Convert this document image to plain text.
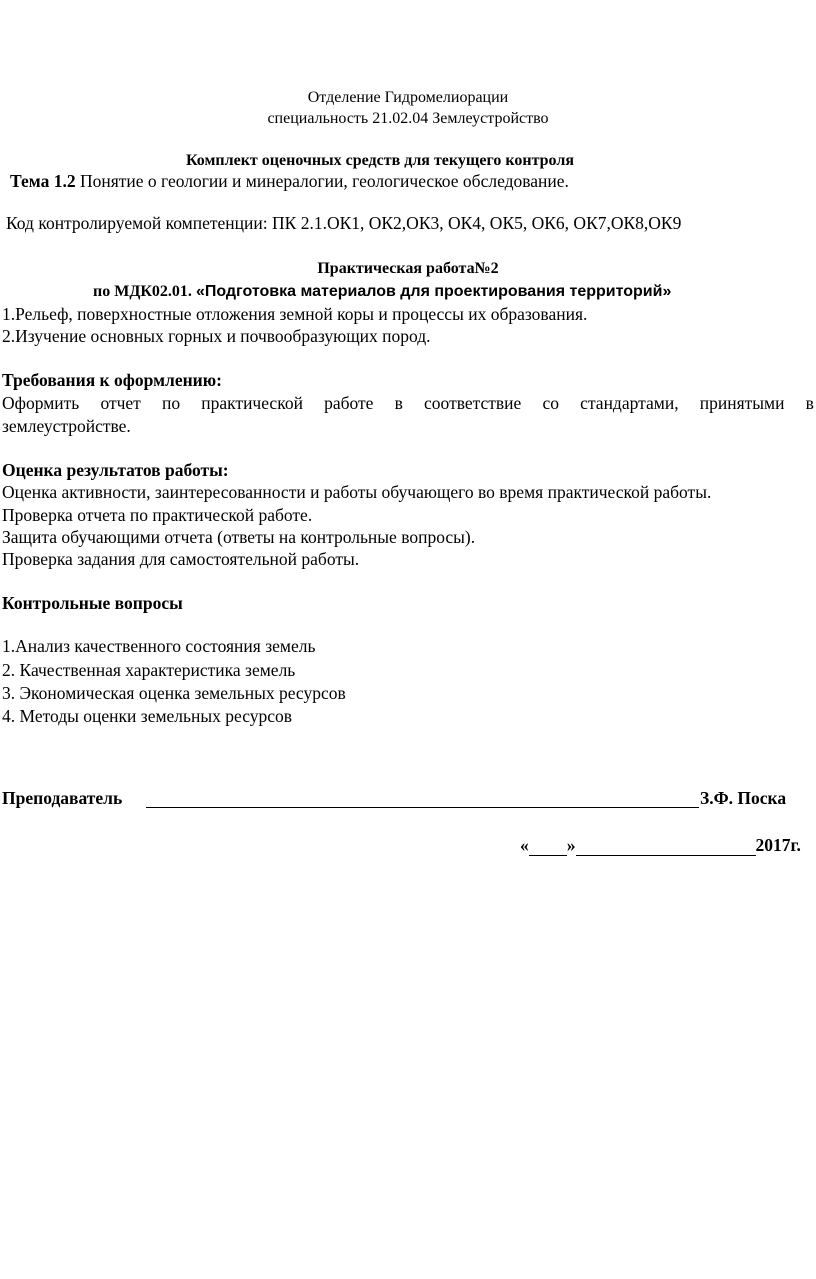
Отделение Гидромелиорации
специальность 21.02.04 Землеустройство
Комплект оценочных средств для текущего контроля
Тема 1.2 Понятие о геологии и минералогии, геологическое обследование.
Код контролируемой компетенции: ПК 2.1.ОК1, ОК2,ОК3, ОК4, ОК5, ОК6, ОК7,ОК8,ОК9
Практическая работа№2
по МДК02.01. «Подготовка материалов для проектирования территорий»
1.Рельеф, поверхностные отложения земной коры и процессы их образования.
2.Изучение основных горных и почвообразующих пород.
Требования к оформлению:
Оформить отчет по практической работе в соответствие со стандартами, принятыми в
землеустройстве.
Оценка результатов работы:
Оценка активности, заинтересованности и работы обучающего во время практической работы.
Проверка отчета по практической работе.
Защита обучающими отчета (ответы на контрольные вопросы).
Проверка задания для самостоятельной работы.
Контрольные вопросы
1.Анализ качественного состояния земель
2. Качественная характеристика земель
3. Экономическая оценка земельных ресурсов
4. Методы оценки земельных ресурсов
Преподаватель	З.Ф. Поска
« »	2017г.
